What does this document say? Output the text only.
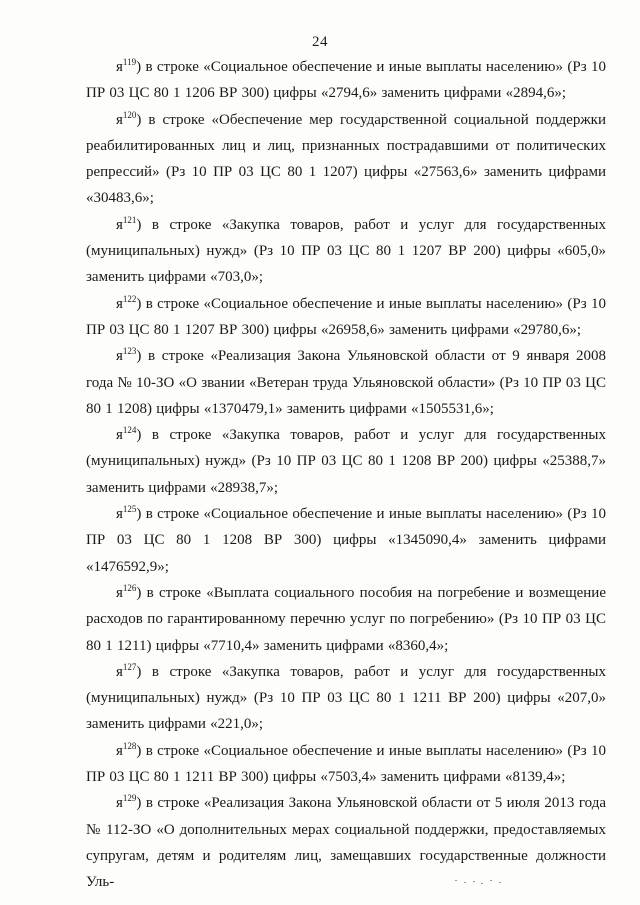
24

$я^{119}$) в строке «Социальное обеспечение и иные выплаты населению» (Рз 10 ПР 03 ЦС 80 1 1206 ВР 300) цифры «2794,6» заменить цифрами «2894,6»;

$я^{120}$) в строке «Обеспечение мер государственной социальной поддержки реабилитированных лиц и лиц, признанных пострадавшими от политических репрессий» (Рз 10 ПР 03 ЦС 80 1 1207) цифры «27563,6» заменить цифрами «30483,6»;

$я^{121}$) в строке «Закупка товаров, работ и услуг для государственных (муниципальных) нужд» (Рз 10 ПР 03 ЦС 80 1 1207 ВР 200) цифры «605,0» заменить цифрами «703,0»;

$я^{122}$) в строке «Социальное обеспечение и иные выплаты населению» (Рз 10 ПР 03 ЦС 80 1 1207 ВР 300) цифры «26958,6» заменить цифрами «29780,6»;

$я^{123}$) в строке «Реализация Закона Ульяновской области от 9 января 2008 года № 10-ЗО «О звании «Ветеран труда Ульяновской области» (Рз 10 ПР 03 ЦС 80 1 1208) цифры «1370479,1» заменить цифрами «1505531,6»;

$я^{124}$) в строке «Закупка товаров, работ и услуг для государственных (муниципальных) нужд» (Рз 10 ПР 03 ЦС 80 1 1208 ВР 200) цифры «25388,7» заменить цифрами «28938,7»;

$я^{125}$) в строке «Социальное обеспечение и иные выплаты населению» (Рз 10 ПР 03 ЦС 80 1 1208 ВР 300) цифры «1345090,4» заменить цифрами «1476592,9»;

$я^{126}$) в строке «Выплата социального пособия на погребение и возмещение расходов по гарантированному перечню услуг по погребению» (Рз 10 ПР 03 ЦС 80 1 1211) цифры «7710,4» заменить цифрами «8360,4»;

$я^{127}$) в строке «Закупка товаров, работ и услуг для государственных (муниципальных) нужд» (Рз 10 ПР 03 ЦС 80 1 1211 ВР 200) цифры «207,0» заменить цифрами «221,0»;

$я^{128}$) в строке «Социальное обеспечение и иные выплаты населению» (Рз 10 ПР 03 ЦС 80 1 1211 ВР 300) цифры «7503,4» заменить цифрами «8139,4»;

$я^{129}$) в строке «Реализация Закона Ульяновской области от 5 июля 2013 года № 112-ЗО «О дополнительных мерах социальной поддержки, предоставляемых супругам, детям и родителям лиц, замещавших государственные должности Уль-
